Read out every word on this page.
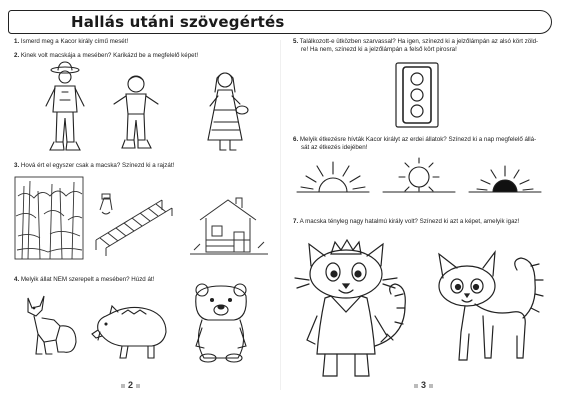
Hallás utáni szövegértés
1. Ismerd meg a Kacor király című mesét!
2. Kinek volt macskája a mesében? Karikázd be a megfelelő képet!
3. Hová ért el egyszer csak a macska? Színezd ki a rajzát!
4. Melyik állat NEM szerepelt a mesében? Húzd át!
2
5. Találkozott-e ütközben szarvassal? Ha igen, színezd ki a jelzőlámpán az alsó kört zöld-
re! Ha nem, színezd ki a jelzőlámpán a felső kört pirosra!
6. Melyik étkezésre hívták Kacor királyt az erdei állatok? Színezd ki a nap megfelelő állá-
sát az étkezés idejében!
7. A macska tényleg nagy hatalmú király volt? Színezd ki azt a képet, amelyik igaz!
3
